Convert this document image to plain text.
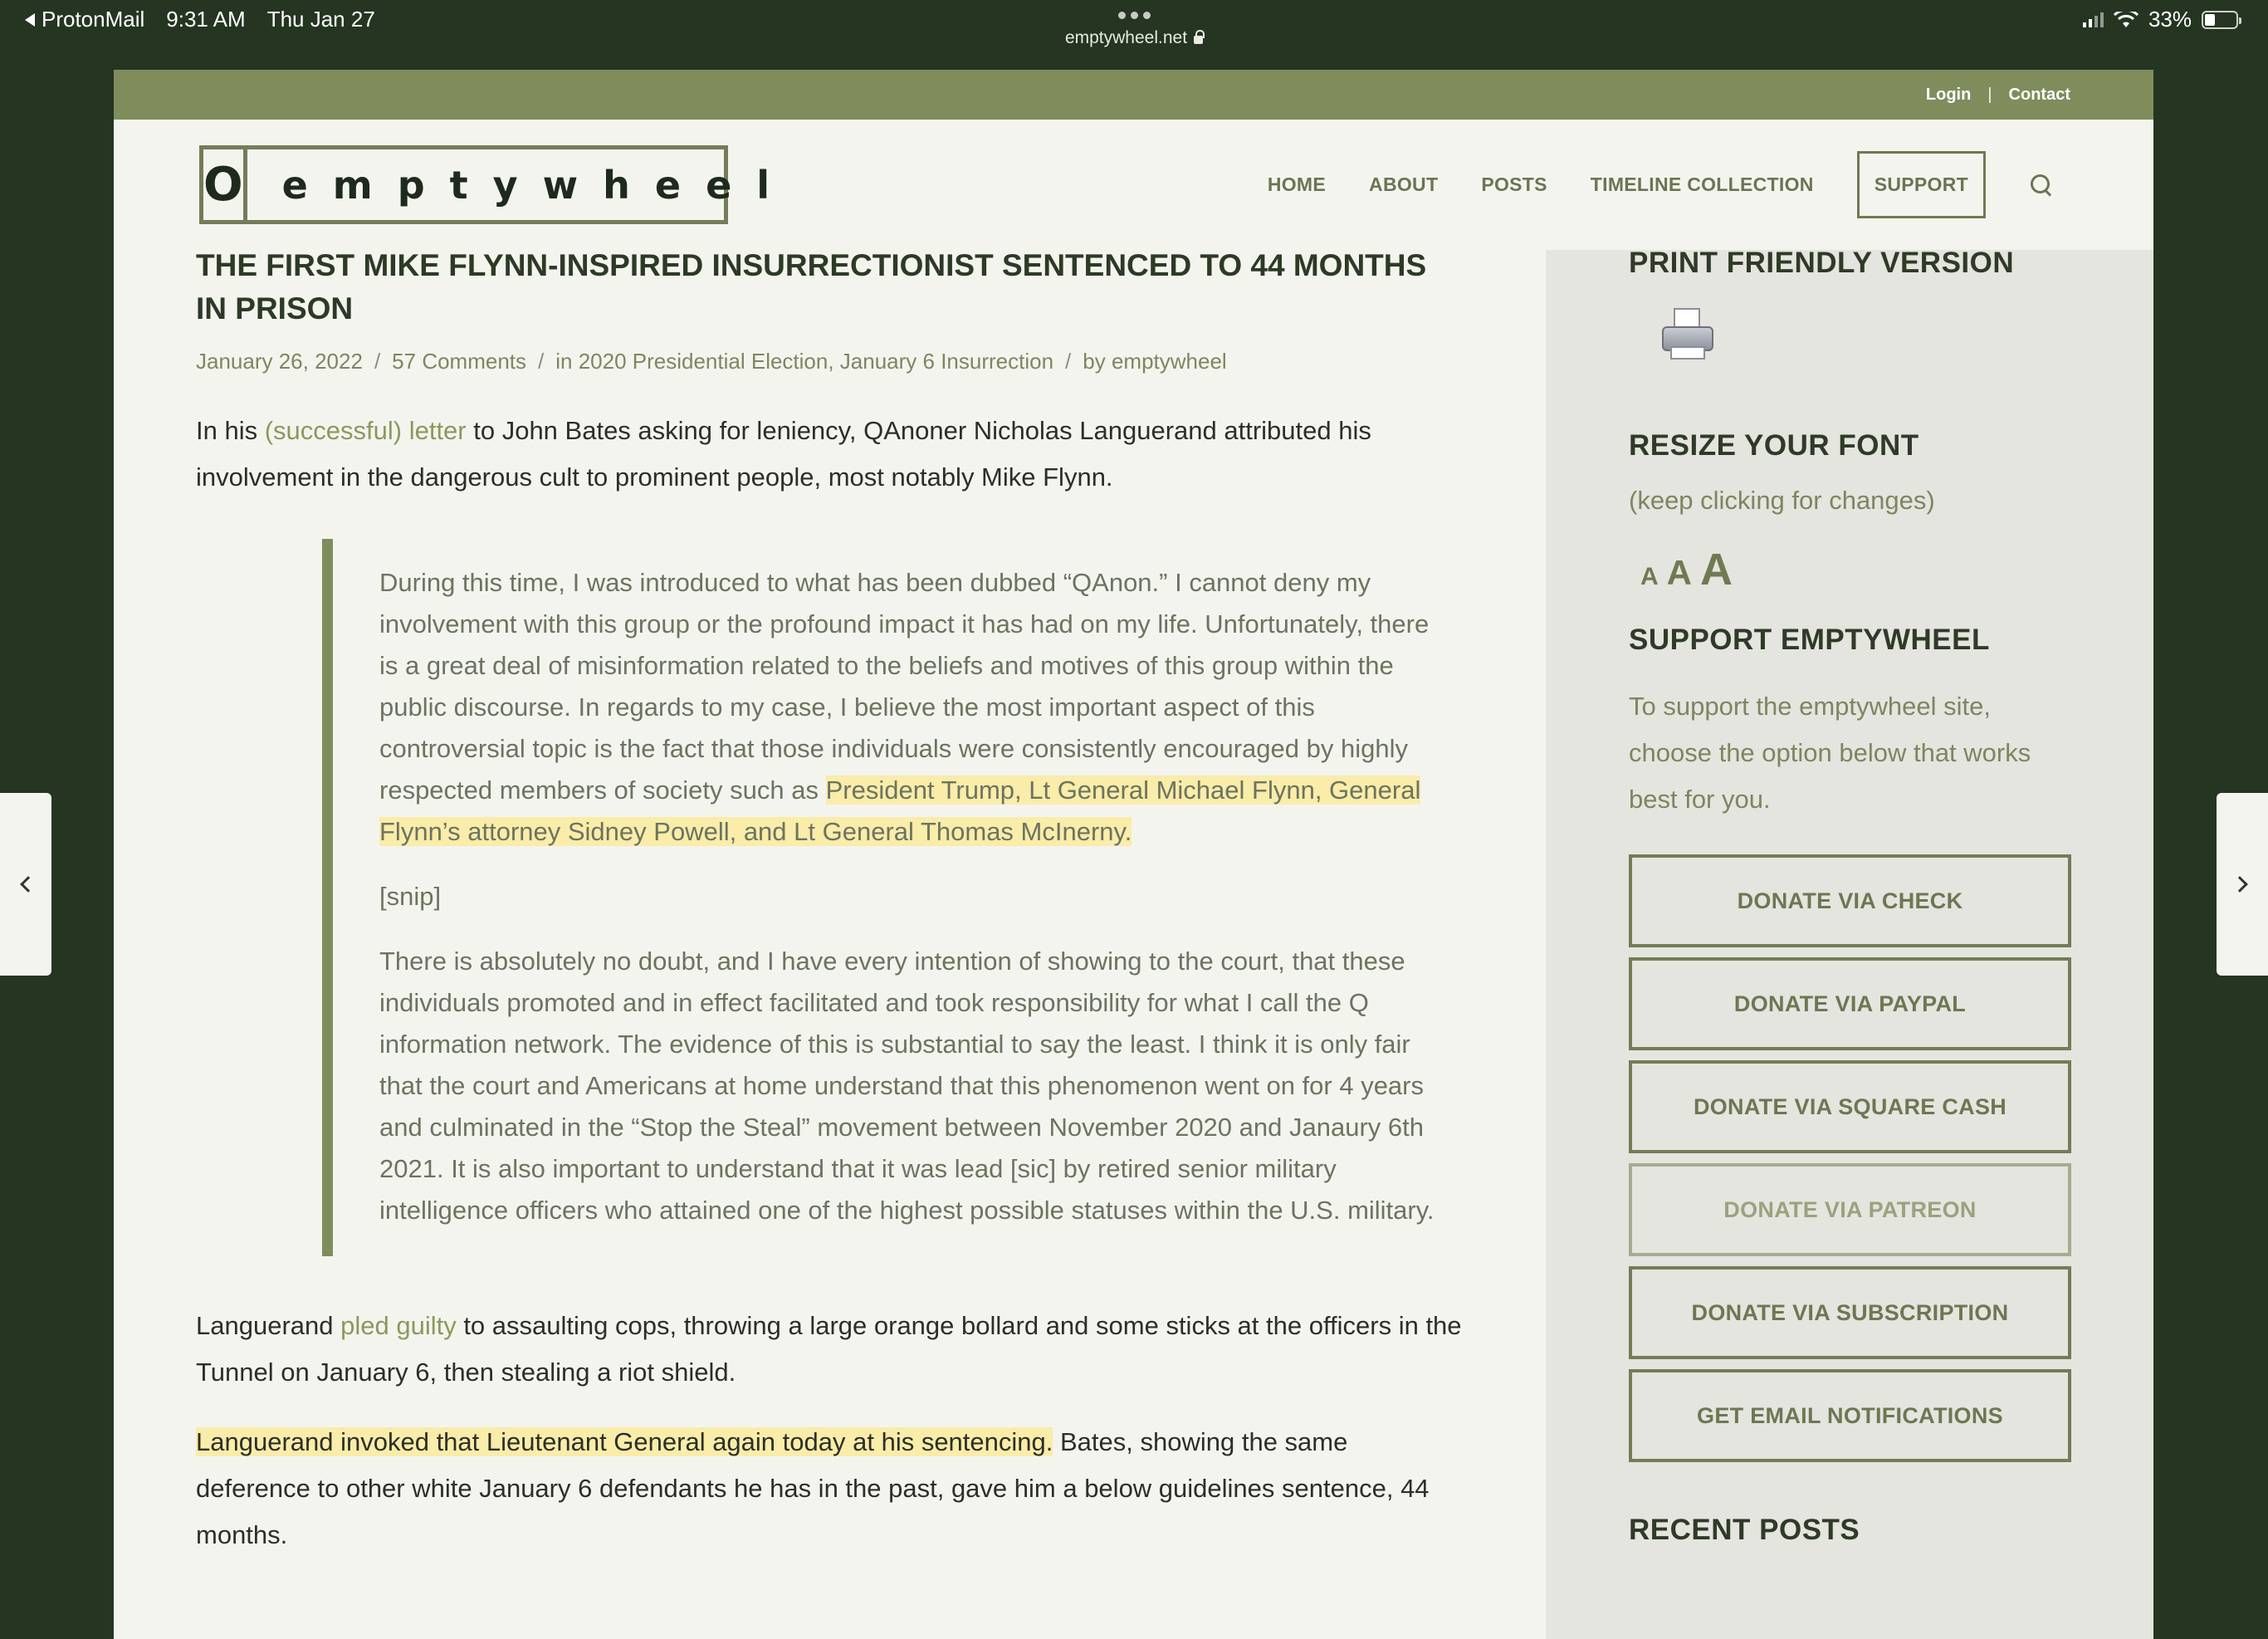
ProtonMail 9:31 AM Thu Jan 27
emptywheel.net
33%
Login | Contact
O	emptywheel	HOME ABOUT POSTS TIMELINE COLLECTION	SUPPORT
THE FIRST MIKE FLYNN-INSPIRED INSURRECTIONIST SENTENCED TO 44 MONTHS IN PRISON
January 26, 2022 / 57 Comments / in 2020 Presidential Election, January 6 Insurrection / by emptywheel

In his (successful) letter to John Bates asking for leniency, QAnoner Nicholas Languerand attributed his involvement in the dangerous cult to prominent people, most notably Mike Flynn.

During this time, I was introduced to what has been dubbed “QAnon.” I cannot deny my involvement with this group or the profound impact it has had on my life. Unfortunately, there is a great deal of misinformation related to the beliefs and motives of this group within the public discourse. In regards to my case, I believe the most important aspect of this controversial topic is the fact that those individuals were consistently encouraged by highly respected members of society such as President Trump, Lt General Michael Flynn, General Flynn’s attorney Sidney Powell, and Lt General Thomas McInerny.

[snip]

There is absolutely no doubt, and I have every intention of showing to the court, that these individuals promoted and in effect facilitated and took responsibility for what I call the Q information network. The evidence of this is substantial to say the least. I think it is only fair that the court and Americans at home understand that this phenomenon went on for 4 years and culminated in the “Stop the Steal” movement between November 2020 and Janaury 6th 2021. It is also important to understand that it was lead [sic] by retired senior military intelligence officers who attained one of the highest possible statuses within the U.S. military.

Languerand pled guilty to assaulting cops, throwing a large orange bollard and some sticks at the officers in the Tunnel on January 6, then stealing a riot shield.

Languerand invoked that Lieutenant General again today at his sentencing. Bates, showing the same deference to other white January 6 defendants he has in the past, gave him a below guidelines sentence, 44 months.

PRINT FRIENDLY VERSION
RESIZE YOUR FONT

(keep clicking for changes)

A A A
SUPPORT EMPTYWHEEL

To support the emptywheel site, choose the option below that works best for you.

DONATE VIA CHECK
DONATE VIA PAYPAL
DONATE VIA SQUARE CASH
DONATE VIA PATREON
DONATE VIA SUBSCRIPTION
GET EMAIL NOTIFICATIONS
RECENT POSTS
